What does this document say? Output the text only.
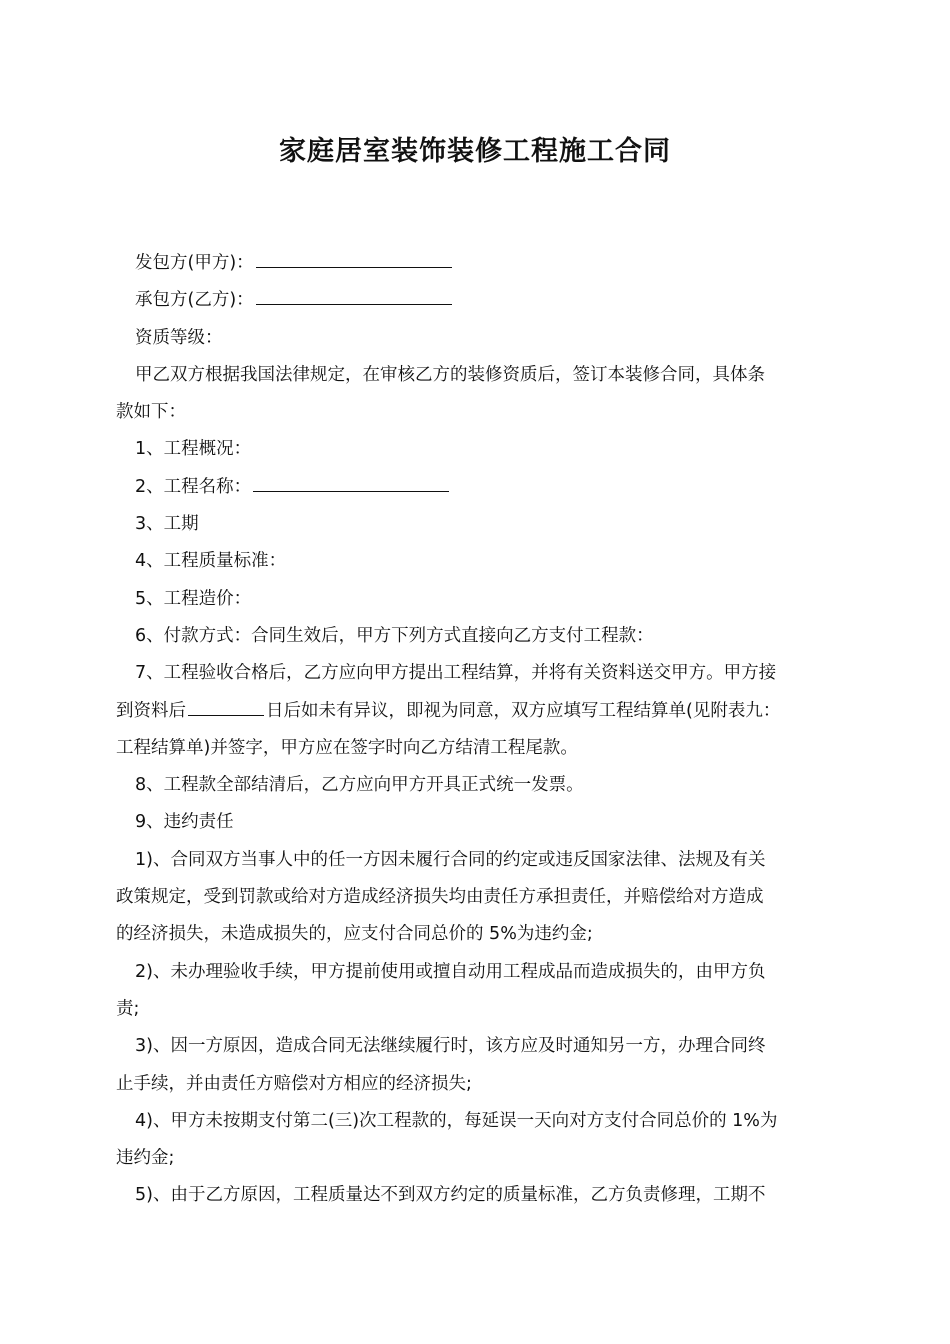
家庭居室装饰装修工程施工合同
发包方(甲方)：
承包方(乙方)：
资质等级：
甲乙双方根据我国法律规定，在审核乙方的装修资质后，签订本装修合同，具体条
款如下：
1、工程概况：
2、工程名称：
3、工期
4、工程质量标准：
5、工程造价：
6、付款方式：合同生效后，甲方下列方式直接向乙方支付工程款：
7、工程验收合格后，乙方应向甲方提出工程结算，并将有关资料送交甲方。甲方接
到资料后	日后如未有异议，即视为同意，双方应填写工程结算单(见附表九：
工程结算单)并签字，甲方应在签字时向乙方结清工程尾款。
8、工程款全部结清后，乙方应向甲方开具正式统一发票。
9、违约责任
1)、合同双方当事人中的任一方因未履行合同的约定或违反国家法律、法规及有关
政策规定，受到罚款或给对方造成经济损失均由责任方承担责任，并赔偿给对方造成
的经济损失，未造成损失的，应支付合同总价的 5%为违约金;
2)、未办理验收手续，甲方提前使用或擅自动用工程成品而造成损失的，由甲方负
责;
3)、因一方原因，造成合同无法继续履行时，该方应及时通知另一方，办理合同终
止手续，并由责任方赔偿对方相应的经济损失;
4)、甲方未按期支付第二(三)次工程款的，每延误一天向对方支付合同总价的 1%为
违约金;
5)、由于乙方原因，工程质量达不到双方约定的质量标准，乙方负责修理，工期不
